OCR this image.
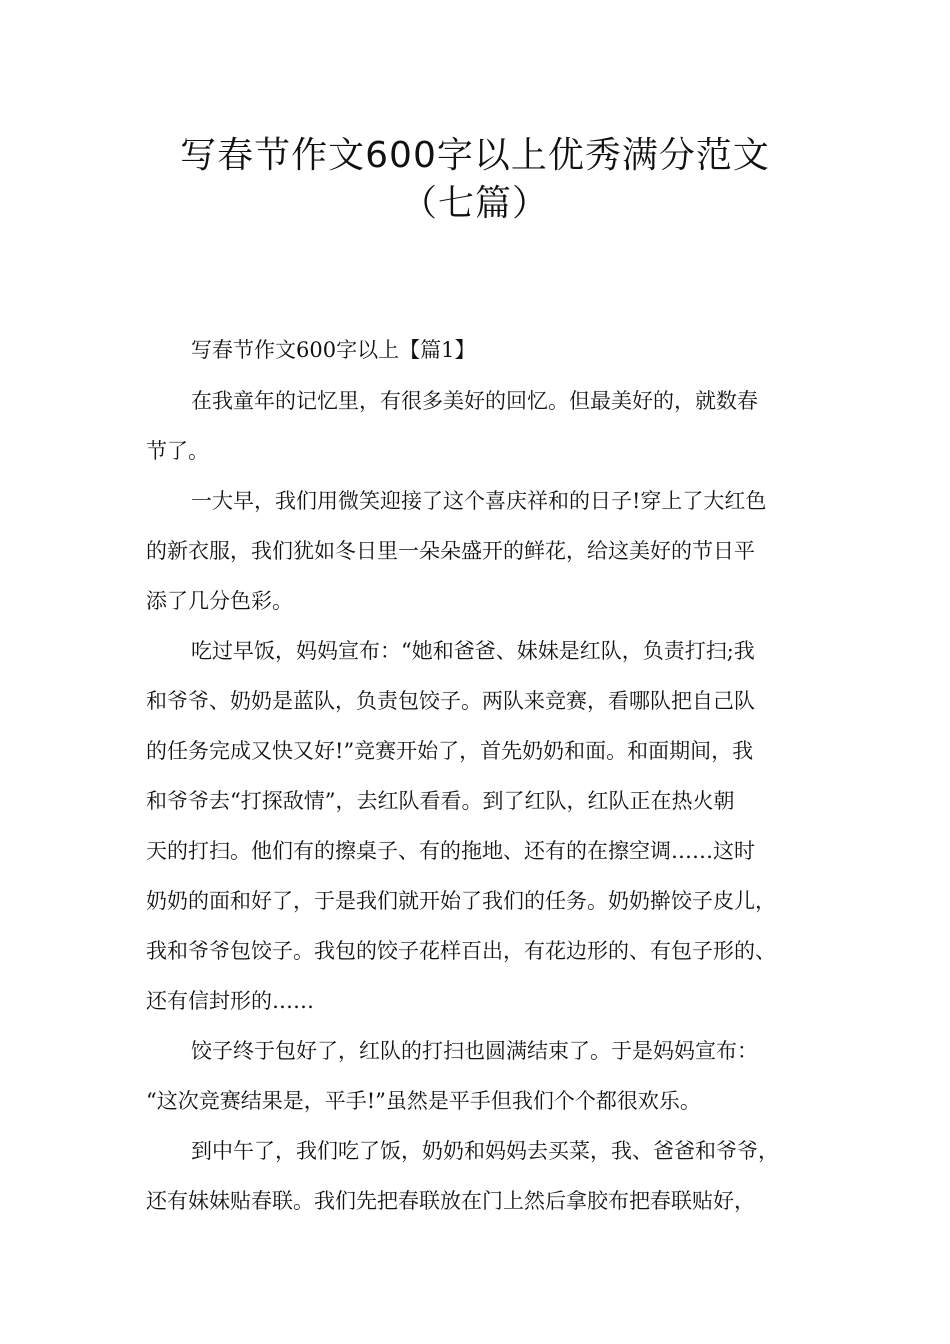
写春节作文600字以上优秀满分范文
（七篇）
写春节作文600字以上【篇1】
在我童年的记忆里，有很多美好的回忆。但最美好的，就数春
节了。
一大早，我们用微笑迎接了这个喜庆祥和的日子!穿上了大红色
的新衣服，我们犹如冬日里一朵朵盛开的鲜花，给这美好的节日平
添了几分色彩。
吃过早饭，妈妈宣布：“她和爸爸、妹妹是红队，负责打扫;我
和爷爷、奶奶是蓝队，负责包饺子。两队来竞赛，看哪队把自己队
的任务完成又快又好!”竞赛开始了，首先奶奶和面。和面期间，我
和爷爷去“打探敌情”，去红队看看。到了红队，红队正在热火朝
天的打扫。他们有的擦桌子、有的拖地、还有的在擦空调……这时
奶奶的面和好了，于是我们就开始了我们的任务。奶奶擀饺子皮儿，
我和爷爷包饺子。我包的饺子花样百出，有花边形的、有包子形的、
还有信封形的……
饺子终于包好了，红队的打扫也圆满结束了。于是妈妈宣布：
“这次竞赛结果是，平手!”虽然是平手但我们个个都很欢乐。
到中午了，我们吃了饭，奶奶和妈妈去买菜，我、爸爸和爷爷，
还有妹妹贴春联。我们先把春联放在门上然后拿胶布把春联贴好，
